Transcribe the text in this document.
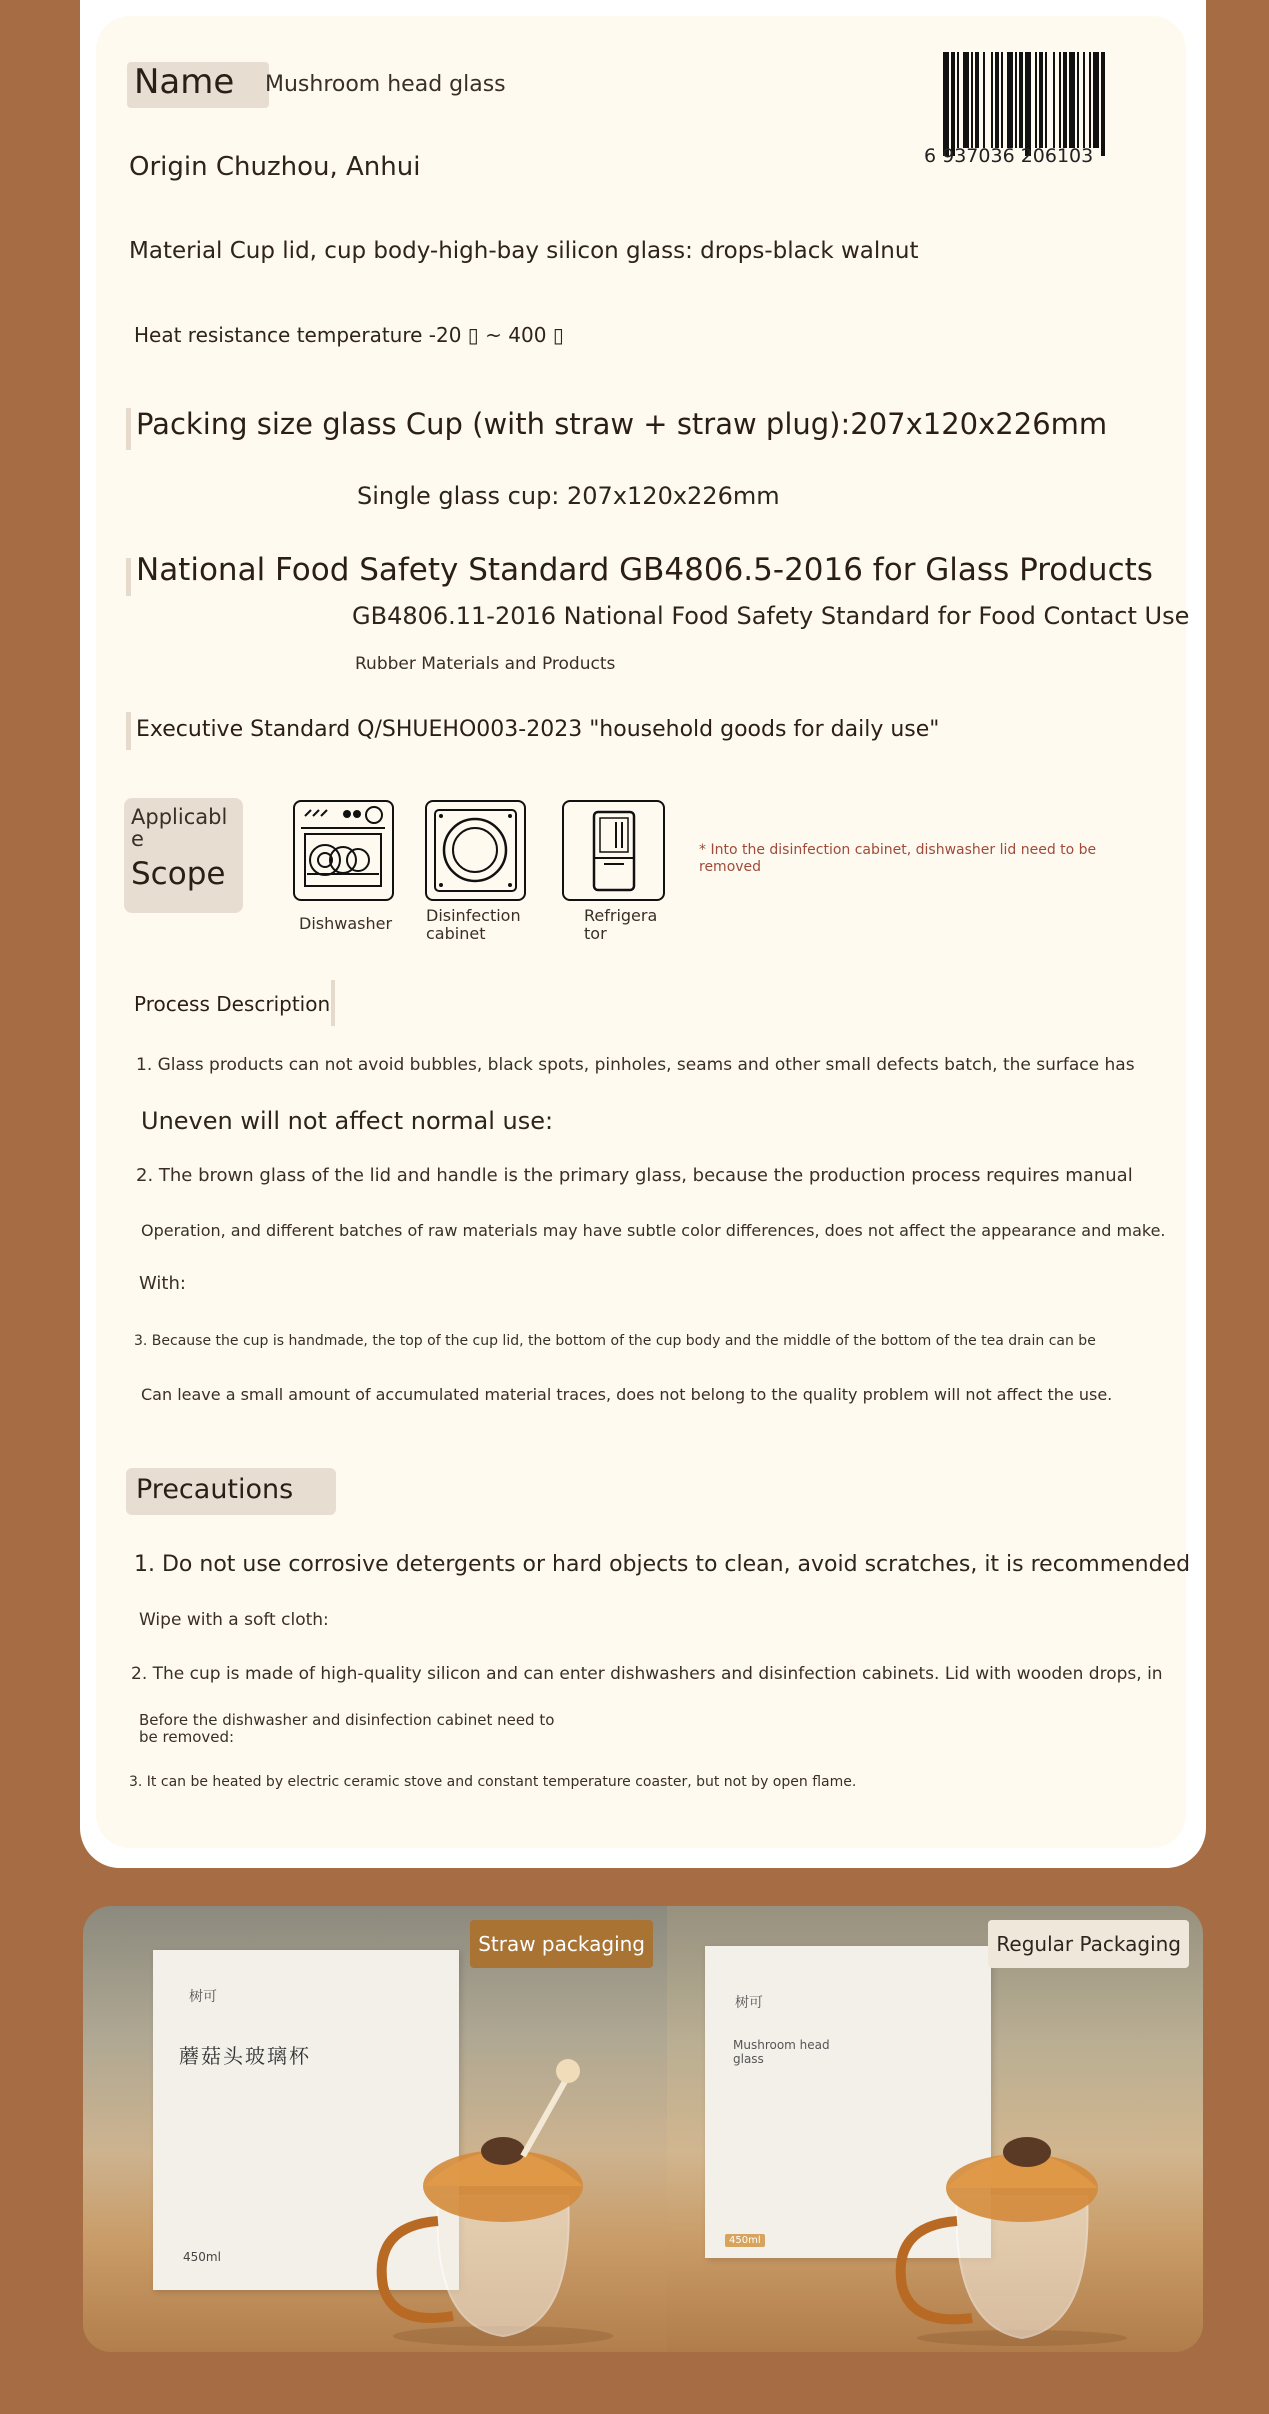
Name Mushroom head glass
6 937036 206103
Origin Chuzhou, Anhui
Material Cup lid, cup body-high-bay silicon glass: drops-black walnut
Heat resistance temperature -20 ▯ ~ 400 ▯
Packing size glass Cup (with straw + straw plug):207x120x226mm
Single glass cup: 207x120x226mm
National Food Safety Standard GB4806.5-2016 for Glass Products
GB4806.11-2016 National Food Safety Standard for Food Contact Use
Rubber Materials and Products
Executive Standard Q/SHUEHO003-2023 "household goods for daily use"
Applicabl e
Scope
Dishwasher Disinfection cabinet
Refrigera tor
* Into the disinfection cabinet, dishwasher lid need to be removed
Process Description
1. Glass products can not avoid bubbles, black spots, pinholes, seams and other small defects batch, the surface has
Uneven will not affect normal use:
2. The brown glass of the lid and handle is the primary glass, because the production process requires manual
Operation, and different batches of raw materials may have subtle color differences, does not affect the appearance and make.
With:
3. Because the cup is handmade, the top of the cup lid, the bottom of the cup body and the middle of the bottom of the tea drain can be
Can leave a small amount of accumulated material traces, does not belong to the quality problem will not affect the use.
Precautions
1. Do not use corrosive detergents or hard objects to clean, avoid scratches, it is recommended
Wipe with a soft cloth:
2. The cup is made of high-quality silicon and can enter dishwashers and disinfection cabinets. Lid with wooden drops, in
Before the dishwasher and disinfection cabinet need to be removed:
3. It can be heated by electric ceramic stove and constant temperature coaster, but not by open flame.
树可
蘑菇头玻璃杯
450ml
Straw packaging
树可
Mushroom head glass
450ml
Regular Packaging
